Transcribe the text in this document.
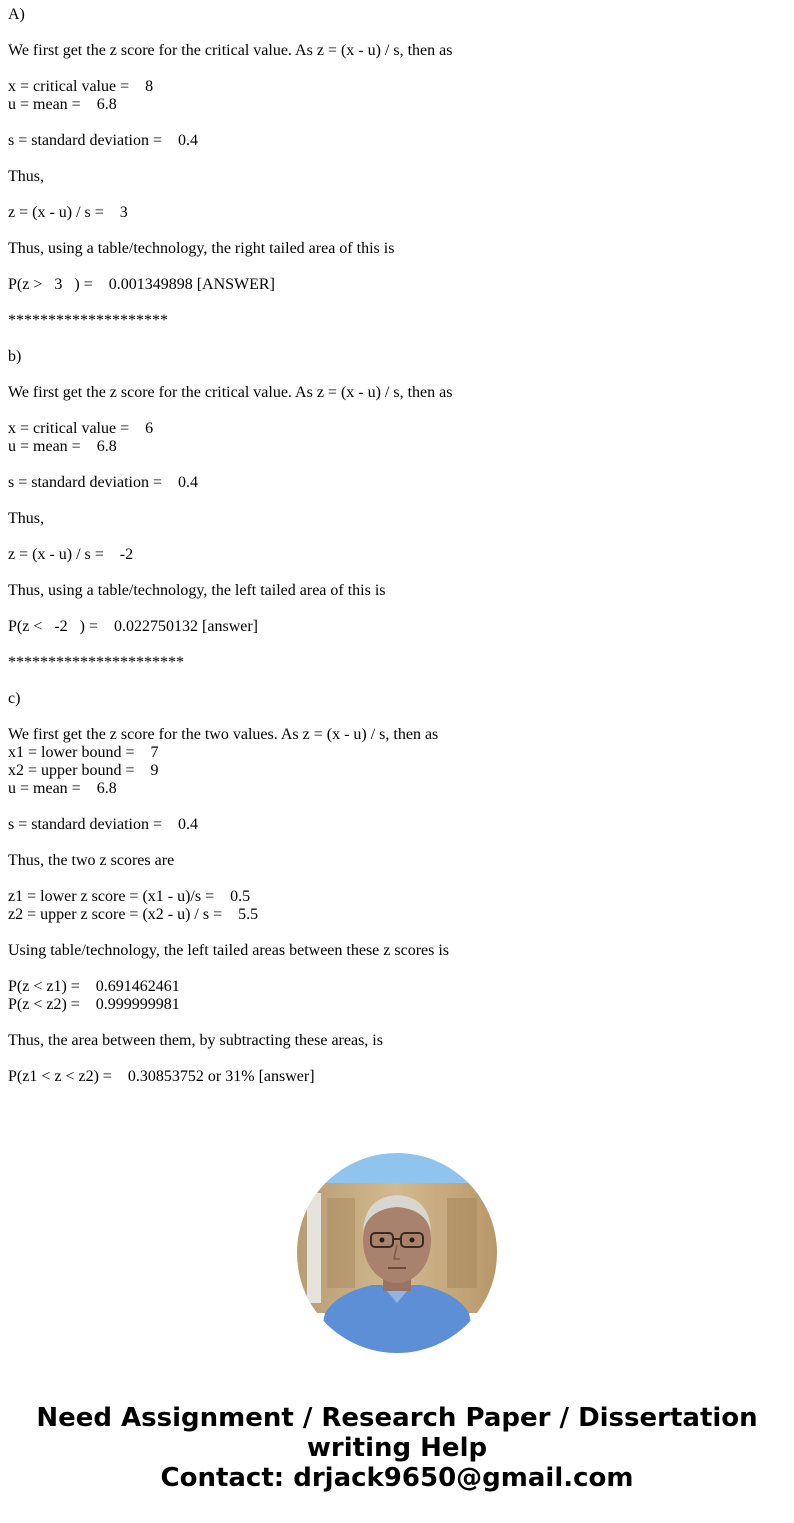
A)
We first get the z score for the critical value. As z = (x - u) / s, then as
x = critical value =    8
u = mean =    6.8
s = standard deviation =    0.4
Thus,
z = (x - u) / s =    3
Thus, using a table/technology, the right tailed area of this is
P(z >   3   ) =    0.001349898 [ANSWER]
********************
b)
We first get the z score for the critical value. As z = (x - u) / s, then as
x = critical value =    6
u = mean =    6.8
s = standard deviation =    0.4
Thus,
z = (x - u) / s =    -2
Thus, using a table/technology, the left tailed area of this is
P(z <   -2   ) =    0.022750132 [answer]
**********************
c)
We first get the z score for the two values. As z = (x - u) / s, then as
x1 = lower bound =    7
x2 = upper bound =    9
u = mean =    6.8
s = standard deviation =    0.4
Thus, the two z scores are
z1 = lower z score = (x1 - u)/s =    0.5
z2 = upper z score = (x2 - u) / s =    5.5
Using table/technology, the left tailed areas between these z scores is
P(z < z1) =    0.691462461
P(z < z2) =    0.999999981
Thus, the area between them, by subtracting these areas, is
P(z1 < z < z2) =    0.30853752 or 31% [answer]
Need Assignment / Research Paper / Dissertation
writing Help
Contact: drjack9650@gmail.com
